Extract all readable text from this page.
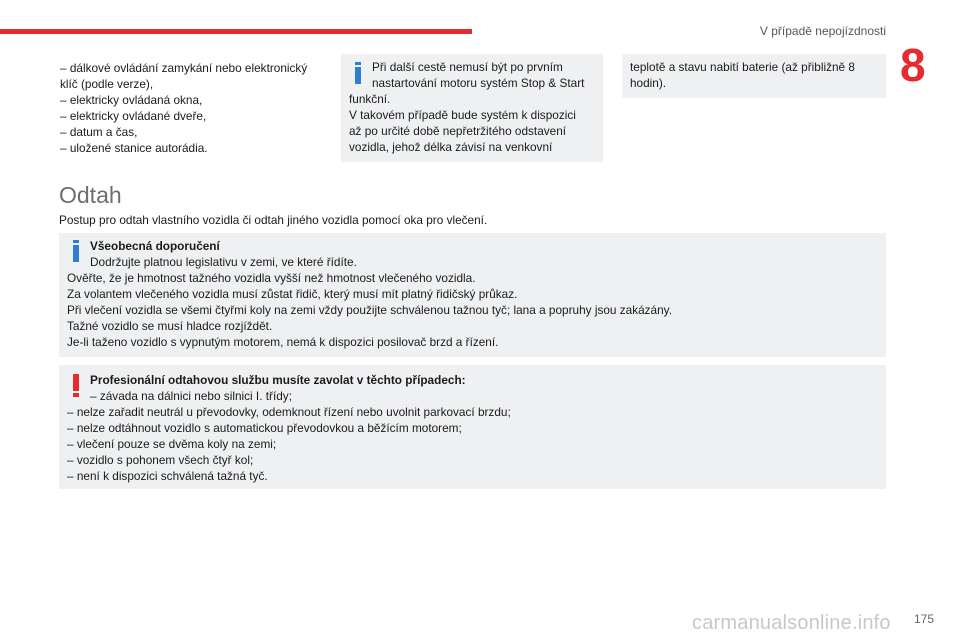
V případě nepojízdnosti
8
– dálkové ovládání zamykání nebo elektronický
klíč (podle verze),
– elektricky ovládaná okna,
– elektricky ovládané dveře,
– datum a čas,
– uložené stanice autorádia.
Při další cestě nemusí být po prvním
nastartování motoru systém Stop & Start
funkční.
V takovém případě bude systém k dispozici
až po určité době nepřetržitého odstavení
vozidla, jehož délka závisí na venkovní
teplotě a stavu nabití baterie (až přibližně 8
hodin).
Odtah
Postup pro odtah vlastního vozidla či odtah jiného vozidla pomocí oka pro vlečení.
Všeobecná doporučení
Dodržujte platnou legislativu v zemi, ve které řídíte.
Ověřte, že je hmotnost tažného vozidla vyšší než hmotnost vlečeného vozidla.
Za volantem vlečeného vozidla musí zůstat řidič, který musí mít platný řidičský průkaz.
Při vlečení vozidla se všemi čtyřmi koly na zemi vždy použijte schválenou tažnou tyč; lana a popruhy jsou zakázány.
Tažné vozidlo se musí hladce rozjíždět.
Je-li taženo vozidlo s vypnutým motorem, nemá k dispozici posilovač brzd a řízení.
Profesionální odtahovou službu musíte zavolat v těchto případech:
– závada na dálnici nebo silnici I. třídy;
– nelze zařadit neutrál u převodovky, odemknout řízení nebo uvolnit parkovací brzdu;
– nelze odtáhnout vozidlo s automatickou převodovkou a běžícím motorem;
– vlečení pouze se dvěma koly na zemi;
– vozidlo s pohonem všech čtyř kol;
– není k dispozici schválená tažná tyč.
carmanualsonline.info 175
